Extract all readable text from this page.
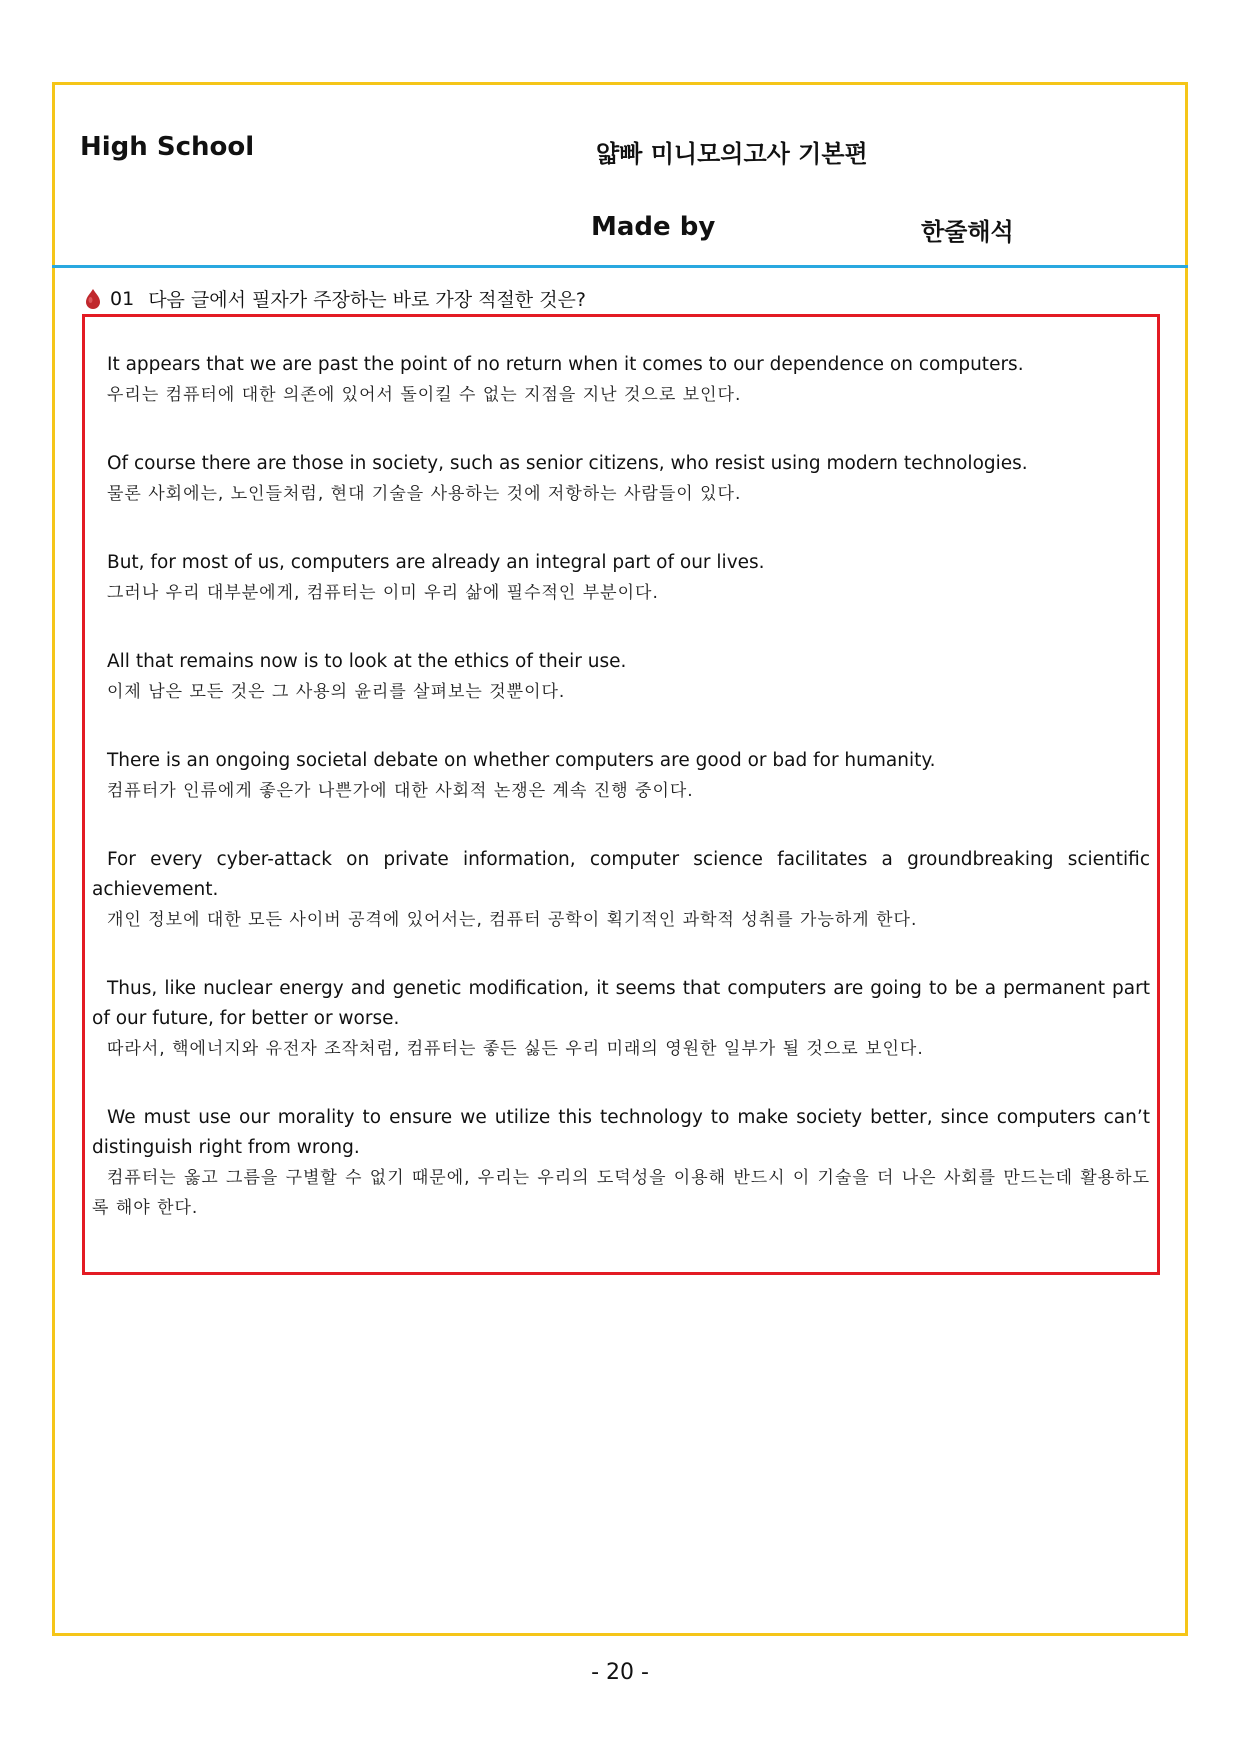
High School	얇빠 미니모의고사 기본편
Made by	한줄해석
01 다음 글에서 필자가 주장하는 바로 가장 적절한 것은?

It appears that we are past the point of no return when it comes to our dependence on computers.

우리는 컴퓨터에 대한 의존에 있어서 돌이킬 수 없는 지점을 지난 것으로 보인다.

Of course there are those in society, such as senior citizens, who resist using modern technologies.

물론 사회에는, 노인들처럼, 현대 기술을 사용하는 것에 저항하는 사람들이 있다.

But, for most of us, computers are already an integral part of our lives.

그러나 우리 대부분에게, 컴퓨터는 이미 우리 삶에 필수적인 부분이다.

All that remains now is to look at the ethics of their use.

이제 남은 모든 것은 그 사용의 윤리를 살펴보는 것뿐이다.

There is an ongoing societal debate on whether computers are good or bad for humanity.

컴퓨터가 인류에게 좋은가 나쁜가에 대한 사회적 논쟁은 계속 진행 중이다.

For every cyber-attack on private information, computer science facilitates a groundbreaking scientific achievement.

개인 정보에 대한 모든 사이버 공격에 있어서는, 컴퓨터 공학이 획기적인 과학적 성취를 가능하게 한다.

Thus, like nuclear energy and genetic modification, it seems that computers are going to be a permanent part of our future, for better or worse.

따라서, 핵에너지와 유전자 조작처럼, 컴퓨터는 좋든 싫든 우리 미래의 영원한 일부가 될 것으로 보인다.

We must use our morality to ensure we utilize this technology to make society better, since computers can’t distinguish right from wrong.

컴퓨터는 옳고 그름을 구별할 수 없기 때문에, 우리는 우리의 도덕성을 이용해 반드시 이 기술을 더 나은 사회를 만드는데 활용하도록 해야 한다.

- 20 -
